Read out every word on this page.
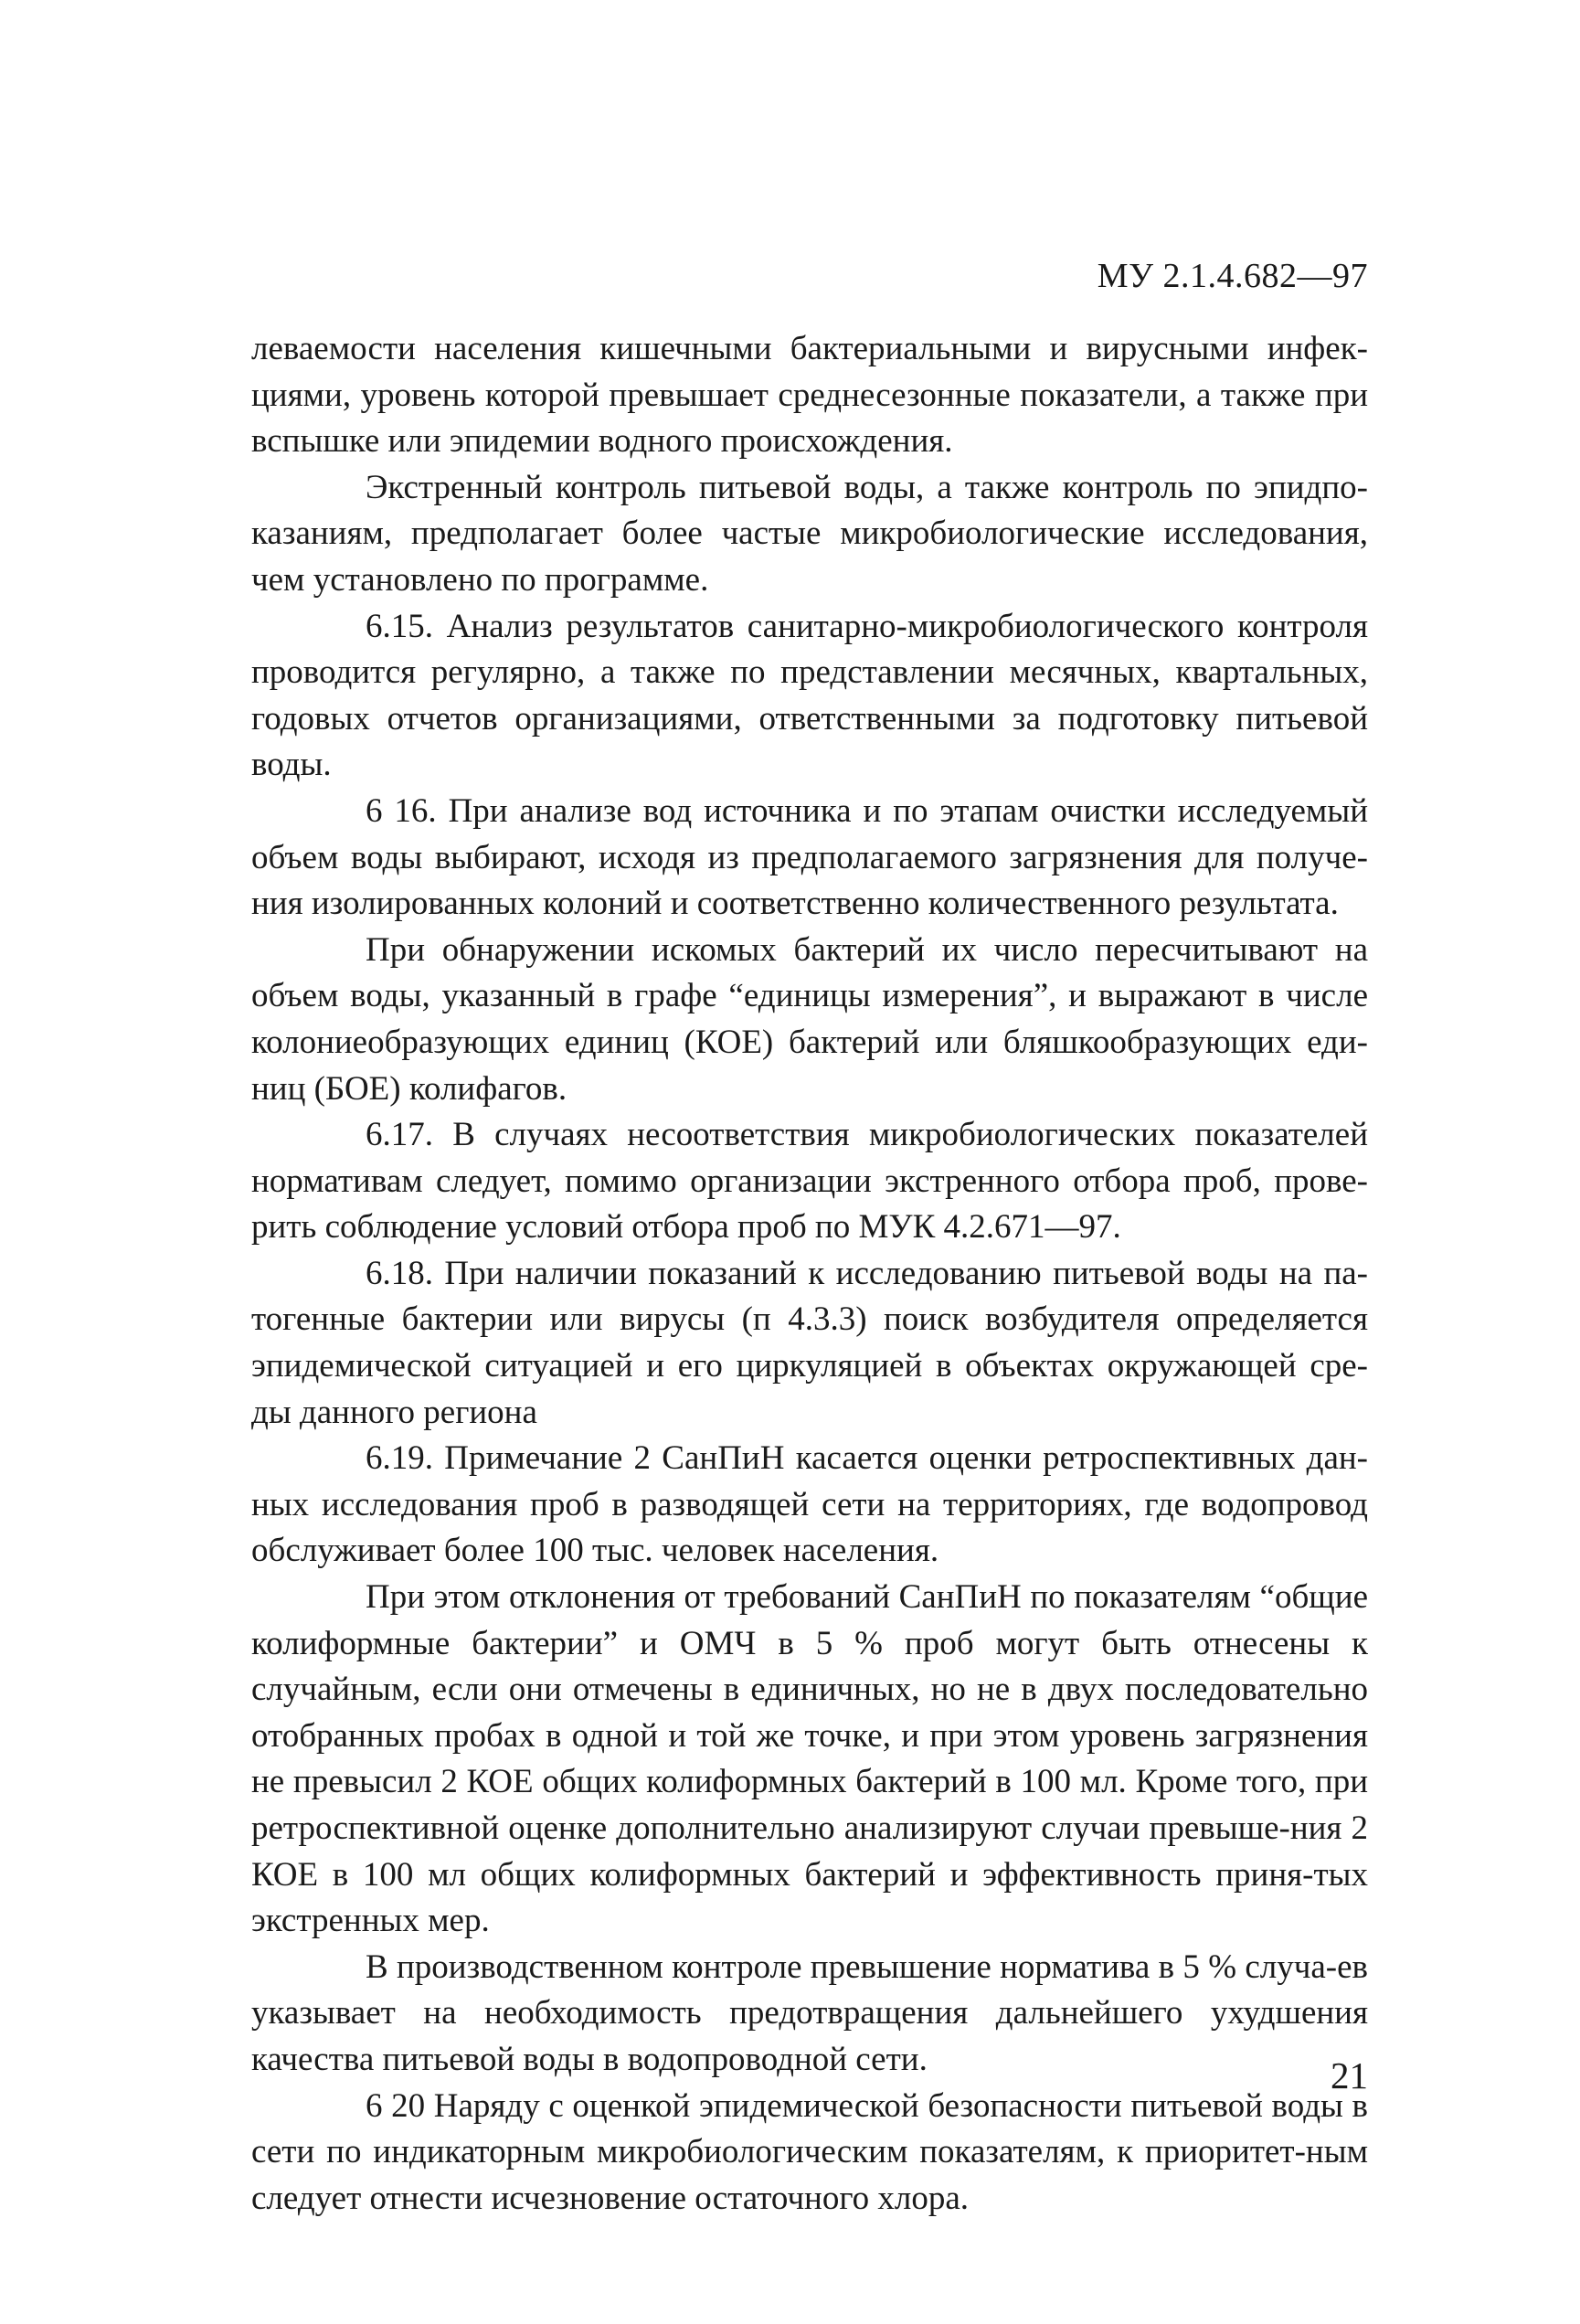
МУ 2.1.4.682—97

леваемости населения кишечными бактериальными и вирусными инфек-циями, уровень которой превышает среднесезонные показатели, а также при вспышке или эпидемии водного происхождения.

Экстренный контроль питьевой воды, а также контроль по эпидпо-казаниям, предполагает более частые микробиологические исследования, чем установлено по программе.

6.15. Анализ результатов санитарно-микробиологического контроля проводится регулярно, а также по представлении месячных, квартальных, годовых отчетов организациями, ответственными за подготовку питьевой воды.

6 16. При анализе вод источника и по этапам очистки исследуемый объем воды выбирают, исходя из предполагаемого загрязнения для получе-ния изолированных колоний и соответственно количественного результата.

При обнаружении искомых бактерий их число пересчитывают на объем воды, указанный в графе “единицы измерения”, и выражают в числе колониеобразующих единиц (КОЕ) бактерий или бляшкообразующих еди-ниц (БОЕ) колифагов.

6.17. В случаях несоответствия микробиологических показателей нормативам следует, помимо организации экстренного отбора проб, прове-рить соблюдение условий отбора проб по МУК 4.2.671—97.

6.18. При наличии показаний к исследованию питьевой воды на па-тогенные бактерии или вирусы (п 4.3.3) поиск возбудителя определяется эпидемической ситуацией и его циркуляцией в объектах окружающей сре-ды данного региона

6.19. Примечание 2 СанПиН касается оценки ретроспективных дан-ных исследования проб в разводящей сети на территориях, где водопровод обслуживает более 100 тыс. человек населения.

При этом отклонения от требований СанПиН по показателям “общие колиформные бактерии” и ОМЧ в 5 % проб могут быть отнесены к случайным, если они отмечены в единичных, но не в двух последовательно отобранных пробах в одной и той же точке, и при этом уровень загрязнения не превысил 2 КОЕ общих колиформных бактерий в 100 мл. Кроме того, при ретроспективной оценке дополнительно анализируют случаи превыше-ния 2 КОЕ в 100 мл общих колиформных бактерий и эффективность приня-тых экстренных мер.

В производственном контроле превышение норматива в 5 % случа-ев указывает на необходимость предотвращения дальнейшего ухудшения качества питьевой воды в водопроводной сети.

6 20 Наряду с оценкой эпидемической безопасности питьевой воды в сети по индикаторным микробиологическим показателям, к приоритет-ным следует отнести исчезновение остаточного хлора.

21
